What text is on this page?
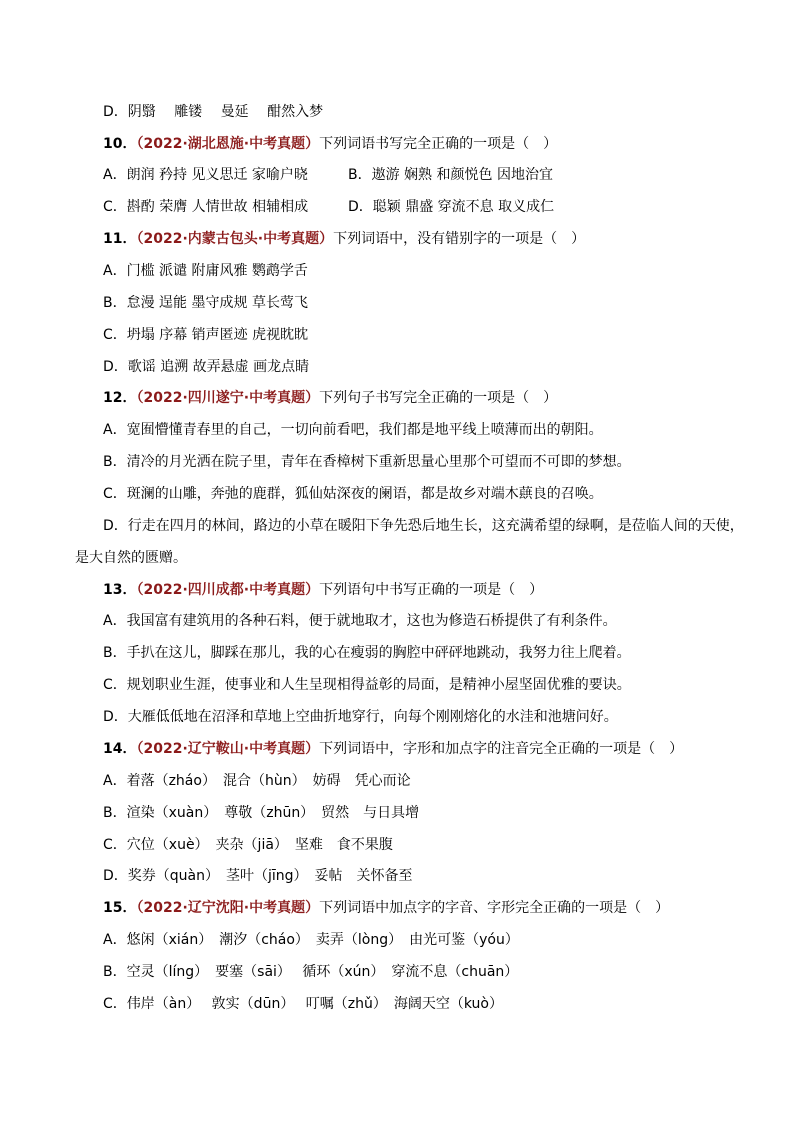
D．阴翳　 雕镂　 曼延　 酣然入梦
10．（2022·湖北恩施·中考真题）下列词语书写完全正确的一项是（　）
A．朗润 矜持 见义思迁 家喻户晓	B．遨游 娴熟 和颜悦色 因地治宜
C．斟酌 荣膺 人情世故 相辅相成	D．聪颖 鼎盛 穿流不息 取义成仁
11．（2022·内蒙古包头·中考真题）下列词语中，没有错别字的一项是（　）
A．门槛 派谴 附庸风雅 鹦鹉学舌
B．怠漫 逞能 墨守成规 草长莺飞
C．坍塌 序幕 销声匿迹 虎视眈眈
D．歌谣 追溯 故弄悬虚 画龙点睛
12．（2022·四川遂宁·中考真题）下列句子书写完全正确的一项是（　）
A．宽囿懵懂青春里的自己，一切向前看吧，我们都是地平线上喷薄而出的朝阳。
B．清冷的月光洒在院子里，青年在香樟树下重新思量心里那个可望而不可即的梦想。
C．斑澜的山雕，奔弛的鹿群，狐仙姑深夜的阑语，都是故乡对端木蕻良的召唤。
D．行走在四月的林间，路边的小草在暖阳下争先恐后地生长，这充满希望的绿啊，是莅临人间的天使，
是大自然的匮赠。
13．（2022·四川成都·中考真题）下列语句中书写正确的一项是（　）
A．我国富有建筑用的各种石料，便于就地取才，这也为修造石桥提供了有利条件。
B．手扒在这儿，脚踩在那儿，我的心在瘦弱的胸腔中砰砰地跳动，我努力往上爬着。
C．规划职业生涯，使事业和人生呈现相得益彰的局面，是精神小屋坚固优雅的要诀。
D．大雁低低地在沼泽和草地上空曲折地穿行，向每个刚刚熔化的水洼和池塘问好。
14．（2022·辽宁鞍山·中考真题）下列词语中，字形和加点字的注音完全正确的一项是（　）
A．着落（zháo）　混合（hùn）　妨碍　凭心而论
B．渲染（xuàn）　尊敬（zhūn）　贸然　与日具增
C．穴位（xuè）　夹杂（jiā）　坚难　食不果腹
D．奖券（quàn）　茎叶（jīng）　妥帖　关怀备至
15．（2022·辽宁沈阳·中考真题）下列词语中加点字的字音、字形完全正确的一项是（　）
A．悠闲（xián）　潮汐（cháo）　卖弄（lòng）　由光可鉴（yóu）
B．空灵（líng）　要塞（sāi）　 循环（xún）　穿流不息（chuān）
C．伟岸（àn）　 敦实（dūn）　 叮嘱（zhǔ）　海阔天空（kuò）
